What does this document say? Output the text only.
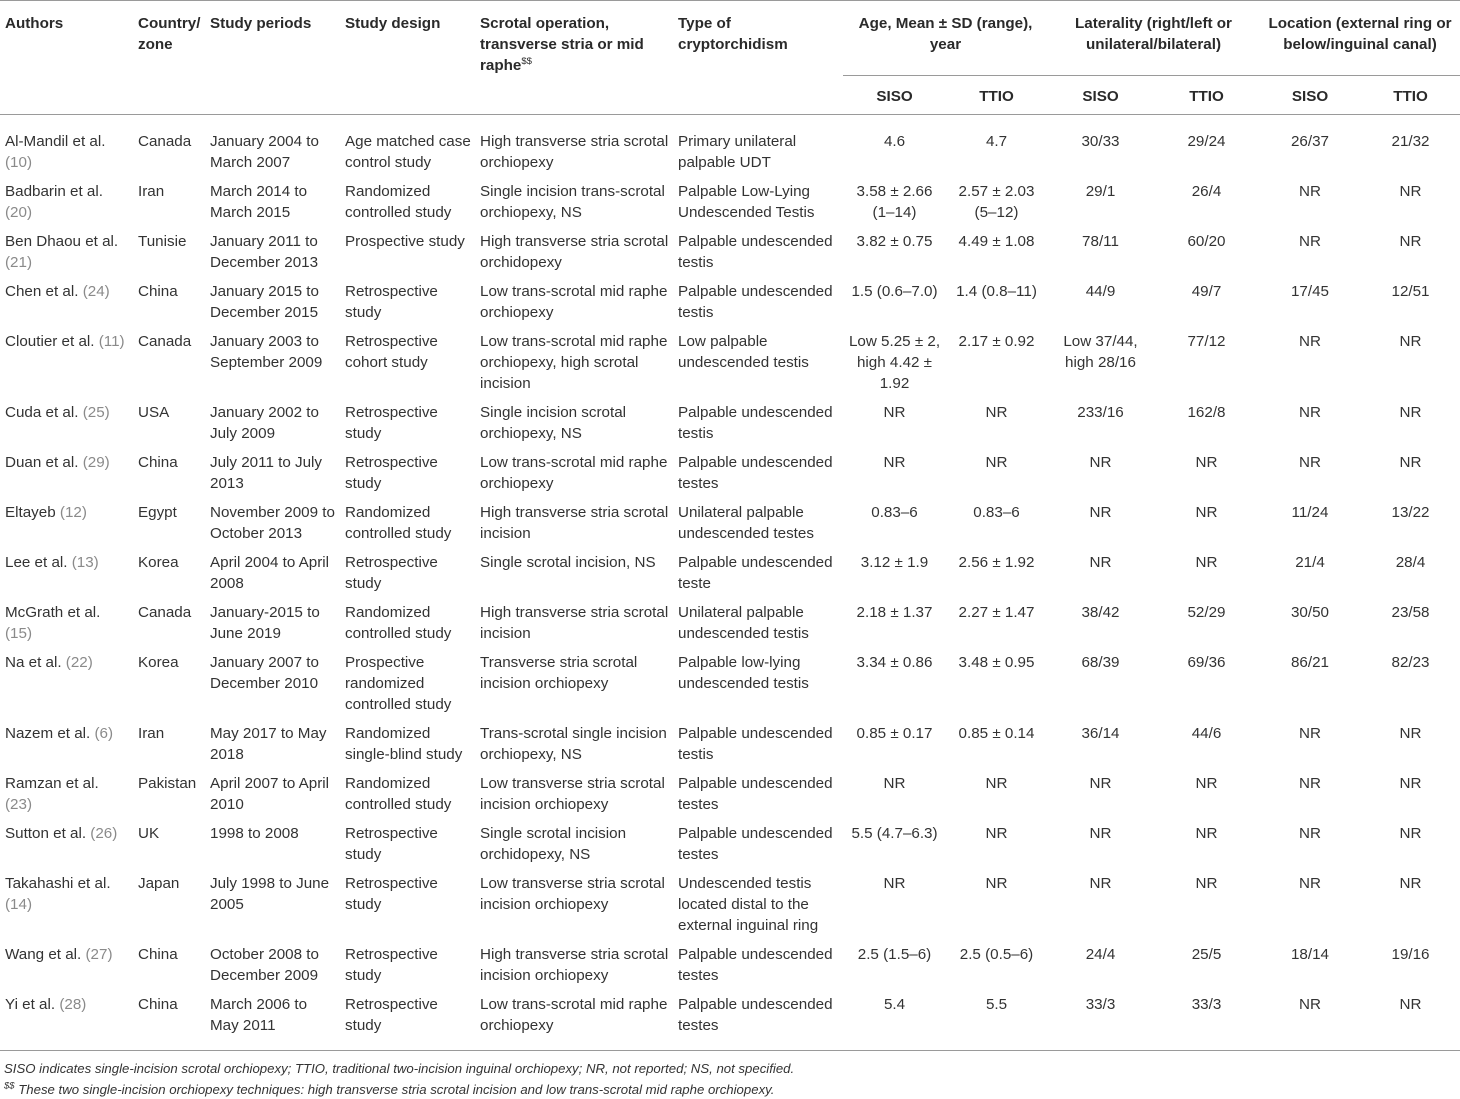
Authors	Country/ zone	Study periods	Study design	Scrotal operation, transverse stria or mid raphe$$	Type of cryptorchidism	Age, Mean ± SD (range), year		Laterality (right/left or unilateral/bilateral)		Location (external ring or below/inguinal canal)	
						SISO	TTIO	SISO	TTIO	SISO	TTIO
Al-Mandil et al. (10)	Canada	January 2004 to March 2007	Age matched case control study	High transverse stria scrotal orchiopexy	Primary unilateral palpable UDT	4.6	4.7	30/33	29/24	26/37	21/32
Badbarin et al. (20)	Iran	March 2014 to March 2015	Randomized controlled study	Single incision trans-scrotal orchiopexy, NS	Palpable Low-Lying Undescended Testis	3.58 ± 2.66 (1–14)	2.57 ± 2.03 (5–12)	29/1	26/4	NR	NR
Ben Dhaou et al. (21)	Tunisie	January 2011 to December 2013	Prospective study	High transverse stria scrotal orchidopexy	Palpable undescended testis	3.82 ± 0.75	4.49 ± 1.08	78/11	60/20	NR	NR
Chen et al. (24)	China	January 2015 to December 2015	Retrospective study	Low trans-scrotal mid raphe orchiopexy	Palpable undescended testis	1.5 (0.6–7.0)	1.4 (0.8–11)	44/9	49/7	17/45	12/51
Cloutier et al. (11)	Canada	January 2003 to September 2009	Retrospective cohort study	Low trans-scrotal mid raphe orchiopexy, high scrotal incision	Low palpable undescended testis	Low 5.25 ± 2, high 4.42 ± 1.92	2.17 ± 0.92	Low 37/44, high 28/16	77/12	NR	NR
Cuda et al. (25)	USA	January 2002 to July 2009	Retrospective study	Single incision scrotal orchiopexy, NS	Palpable undescended testis	NR	NR	233/16	162/8	NR	NR
Duan et al. (29)	China	July 2011 to July 2013	Retrospective study	Low trans-scrotal mid raphe orchiopexy	Palpable undescended testes	NR	NR	NR	NR	NR	NR
Eltayeb (12)	Egypt	November 2009 to October 2013	Randomized controlled study	High transverse stria scrotal incision	Unilateral palpable undescended testes	0.83–6	0.83–6	NR	NR	11/24	13/22
Lee et al. (13)	Korea	April 2004 to April 2008	Retrospective study	Single scrotal incision, NS	Palpable undescended teste	3.12 ± 1.9	2.56 ± 1.92	NR	NR	21/4	28/4
McGrath et al. (15)	Canada	January-2015 to June 2019	Randomized controlled study	High transverse stria scrotal incision	Unilateral palpable undescended testis	2.18 ± 1.37	2.27 ± 1.47	38/42	52/29	30/50	23/58
Na et al. (22)	Korea	January 2007 to December 2010	Prospective randomized controlled study	Transverse stria scrotal incision orchiopexy	Palpable low-lying undescended testis	3.34 ± 0.86	3.48 ± 0.95	68/39	69/36	86/21	82/23
Nazem et al. (6)	Iran	May 2017 to May 2018	Randomized single-blind study	Trans-scrotal single incision orchiopexy, NS	Palpable undescended testis	0.85 ± 0.17	0.85 ± 0.14	36/14	44/6	NR	NR
Ramzan et al. (23)	Pakistan	April 2007 to April 2010	Randomized controlled study	Low transverse stria scrotal incision orchiopexy	Palpable undescended testes	NR	NR	NR	NR	NR	NR
Sutton et al. (26)	UK	1998 to 2008	Retrospective study	Single scrotal incision orchidopexy, NS	Palpable undescended testes	5.5 (4.7–6.3)	NR	NR	NR	NR	NR
Takahashi et al. (14)	Japan	July 1998 to June 2005	Retrospective study	Low transverse stria scrotal incision orchiopexy	Undescended testis located distal to the external inguinal ring	NR	NR	NR	NR	NR	NR
Wang et al. (27)	China	October 2008 to December 2009	Retrospective study	High transverse stria scrotal incision orchiopexy	Palpable undescended testes	2.5 (1.5–6)	2.5 (0.5–6)	24/4	25/5	18/14	19/16
Yi et al. (28)	China	March 2006 to May 2011	Retrospective study	Low trans-scrotal mid raphe orchiopexy	Palpable undescended testes	5.4	5.5	33/3	33/3	NR	NR
SISO indicates single-incision scrotal orchiopexy; TTIO, traditional two-incision inguinal orchiopexy; NR, not reported; NS, not specified.
$$ These two single-incision orchiopexy techniques: high transverse stria scrotal incision and low trans-scrotal mid raphe orchiopexy.
